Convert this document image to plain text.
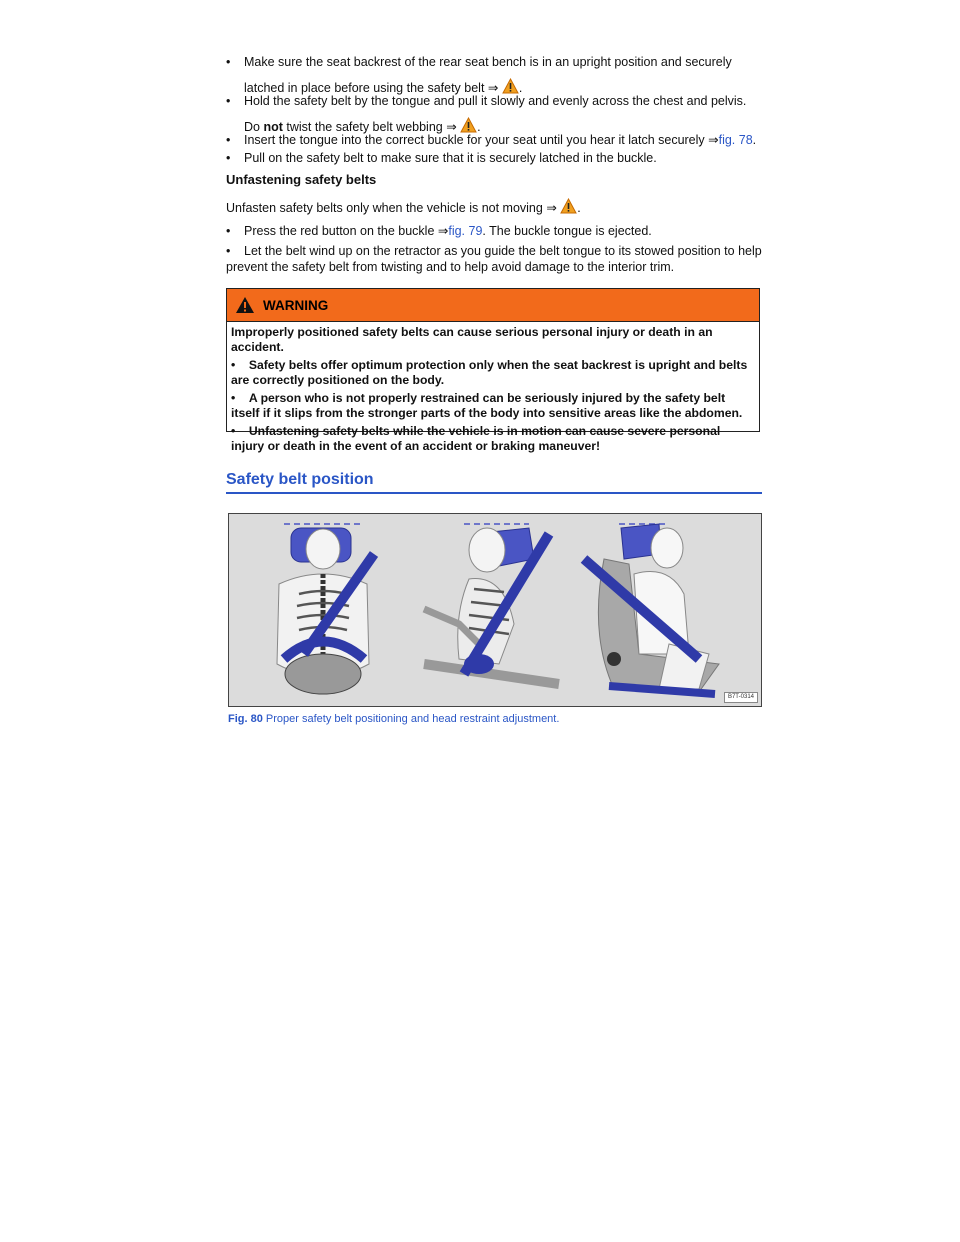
•	Make sure the seat backrest of the rear seat bench is in an upright position and securely latched in place before using the safety belt ⇒ .
•	Hold the safety belt by the tongue and pull it slowly and evenly across the chest and pelvis. Do not twist the safety belt webbing ⇒ .
•	Insert the tongue into the correct buckle for your seat until you hear it latch securely ⇒fig. 78.
•	Pull on the safety belt to make sure that it is securely latched in the buckle.
Unfastening safety belts
Unfasten safety belts only when the vehicle is not moving ⇒ .
•	Press the red button on the buckle ⇒fig. 79. The buckle tongue is ejected.
•	Let the belt wind up on the retractor as you guide the belt tongue to its stowed position to help prevent the safety belt from twisting and to help avoid damage to the interior trim.
WARNING

Improperly positioned safety belts can cause serious personal injury or death in an accident.

• Safety belts offer optimum protection only when the seat backrest is upright and belts are correctly positioned on the body.

• A person who is not properly restrained can be seriously injured by the safety belt itself if it slips from the stronger parts of the body into sensitive areas like the abdomen.

• Unfastening safety belts while the vehicle is in motion can cause severe personal injury or death in the event of an accident or braking maneuver!

Safety belt position
B7T-0314
Fig. 80 Proper safety belt positioning and head restraint adjustment.
